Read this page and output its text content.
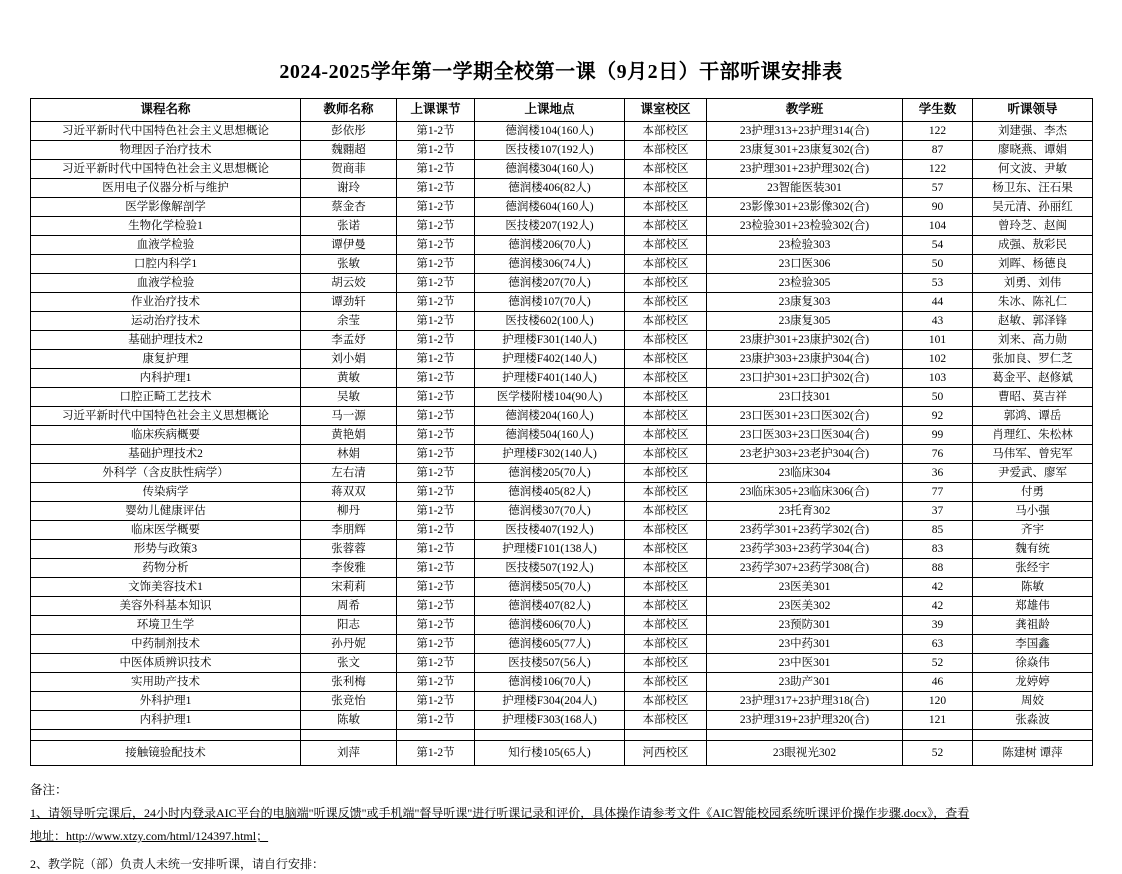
2024-2025学年第一学期全校第一课（9月2日）干部听课安排表
课程名称	教师名称	上课课节	上课地点	课室校区	教学班	学生数	听课领导
习近平新时代中国特色社会主义思想概论	彭依彤	第1-2节	德润楼104(160人)	本部校区	23护理313+23护理314(合)	122	刘建强、李杰
物理因子治疗技术	魏翾超	第1-2节	医技楼107(192人)	本部校区	23康复301+23康复302(合)	87	廖晓燕、谭娟
习近平新时代中国特色社会主义思想概论	贺商菲	第1-2节	德润楼304(160人)	本部校区	23护理301+23护理302(合)	122	何文波、尹敏
医用电子仪器分析与维护	谢玲	第1-2节	德润楼406(82人)	本部校区	23智能医装301	57	杨卫东、汪石果
医学影像解剖学	蔡金杏	第1-2节	德润楼604(160人)	本部校区	23影像301+23影像302(合)	90	吴元清、孙丽红
生物化学检验1	张诺	第1-2节	医技楼207(192人)	本部校区	23检验301+23检验302(合)	104	曾玲芝、赵闽
血液学检验	谭伊曼	第1-2节	德润楼206(70人)	本部校区	23检验303	54	成强、敖彩民
口腔内科学1	张敏	第1-2节	德润楼306(74人)	本部校区	23口医306	50	刘晖、杨德良
血液学检验	胡云姣	第1-2节	德润楼207(70人)	本部校区	23检验305	53	刘勇、刘伟
作业治疗技术	谭劲轩	第1-2节	德润楼107(70人)	本部校区	23康复303	44	朱冰、陈礼仁
运动治疗技术	余莹	第1-2节	医技楼602(100人)	本部校区	23康复305	43	赵敏、郭泽锋
基础护理技术2	李孟妤	第1-2节	护理楼F301(140人)	本部校区	23康护301+23康护302(合)	101	刘来、高力勋
康复护理	刘小娟	第1-2节	护理楼F402(140人)	本部校区	23康护303+23康护304(合)	102	张加良、罗仁芝
内科护理1	黄敏	第1-2节	护理楼F401(140人)	本部校区	23口护301+23口护302(合)	103	葛金平、赵修斌
口腔正畸工艺技术	吴敏	第1-2节	医学楼附楼104(90人)	本部校区	23口技301	50	曹昭、莫吉祥
习近平新时代中国特色社会主义思想概论	马一源	第1-2节	德润楼204(160人)	本部校区	23口医301+23口医302(合)	92	郭鸿、谭岳
临床疾病概要	黄艳娟	第1-2节	德润楼504(160人)	本部校区	23口医303+23口医304(合)	99	肖理红、朱松林
基础护理技术2	林娟	第1-2节	护理楼F302(140人)	本部校区	23老护303+23老护304(合)	76	马伟军、曾宪军
外科学（含皮肤性病学）	左右清	第1-2节	德润楼205(70人)	本部校区	23临床304	36	尹爱武、廖军
传染病学	蒋双双	第1-2节	德润楼405(82人)	本部校区	23临床305+23临床306(合)	77	付勇
婴幼儿健康评估	柳丹	第1-2节	德润楼307(70人)	本部校区	23托育302	37	马小强
临床医学概要	李朋辉	第1-2节	医技楼407(192人)	本部校区	23药学301+23药学302(合)	85	齐宇
形势与政策3	张蓉蓉	第1-2节	护理楼F101(138人)	本部校区	23药学303+23药学304(合)	83	魏有统
药物分析	李俊雅	第1-2节	医技楼507(192人)	本部校区	23药学307+23药学308(合)	88	张经宇
文饰美容技术1	宋莉莉	第1-2节	德润楼505(70人)	本部校区	23医美301	42	陈敏
美容外科基本知识	周希	第1-2节	德润楼407(82人)	本部校区	23医美302	42	郑雄伟
环境卫生学	阳志	第1-2节	德润楼606(70人)	本部校区	23预防301	39	龚祖龄
中药制剂技术	孙丹妮	第1-2节	德润楼605(77人)	本部校区	23中药301	63	李国鑫
中医体质辨识技术	张文	第1-2节	医技楼507(56人)	本部校区	23中医301	52	徐焱伟
实用助产技术	张利梅	第1-2节	德润楼106(70人)	本部校区	23助产301	46	龙婷婷
外科护理1	张竞怡	第1-2节	护理楼F304(204人)	本部校区	23护理317+23护理318(合)	120	周姣
内科护理1	陈敏	第1-2节	护理楼F303(168人)	本部校区	23护理319+23护理320(合)	121	张淼波

接触镜验配技术	刘萍	第1-2节	知行楼105(65人)	河西校区	23眼视光302	52	陈建树 谭萍
备注：
1、请领导听完课后，24小时内登录AIC平台的电脑端"听课反馈"或手机端"督导听课"进行听课记录和评价，具体操作请参考文件《AIC智能校园系统听课评价操作步骤.docx》，查看
地址：http://www.xtzy.com/html/124397.html；
2、教学院（部）负责人未统一安排听课，请自行安排：
